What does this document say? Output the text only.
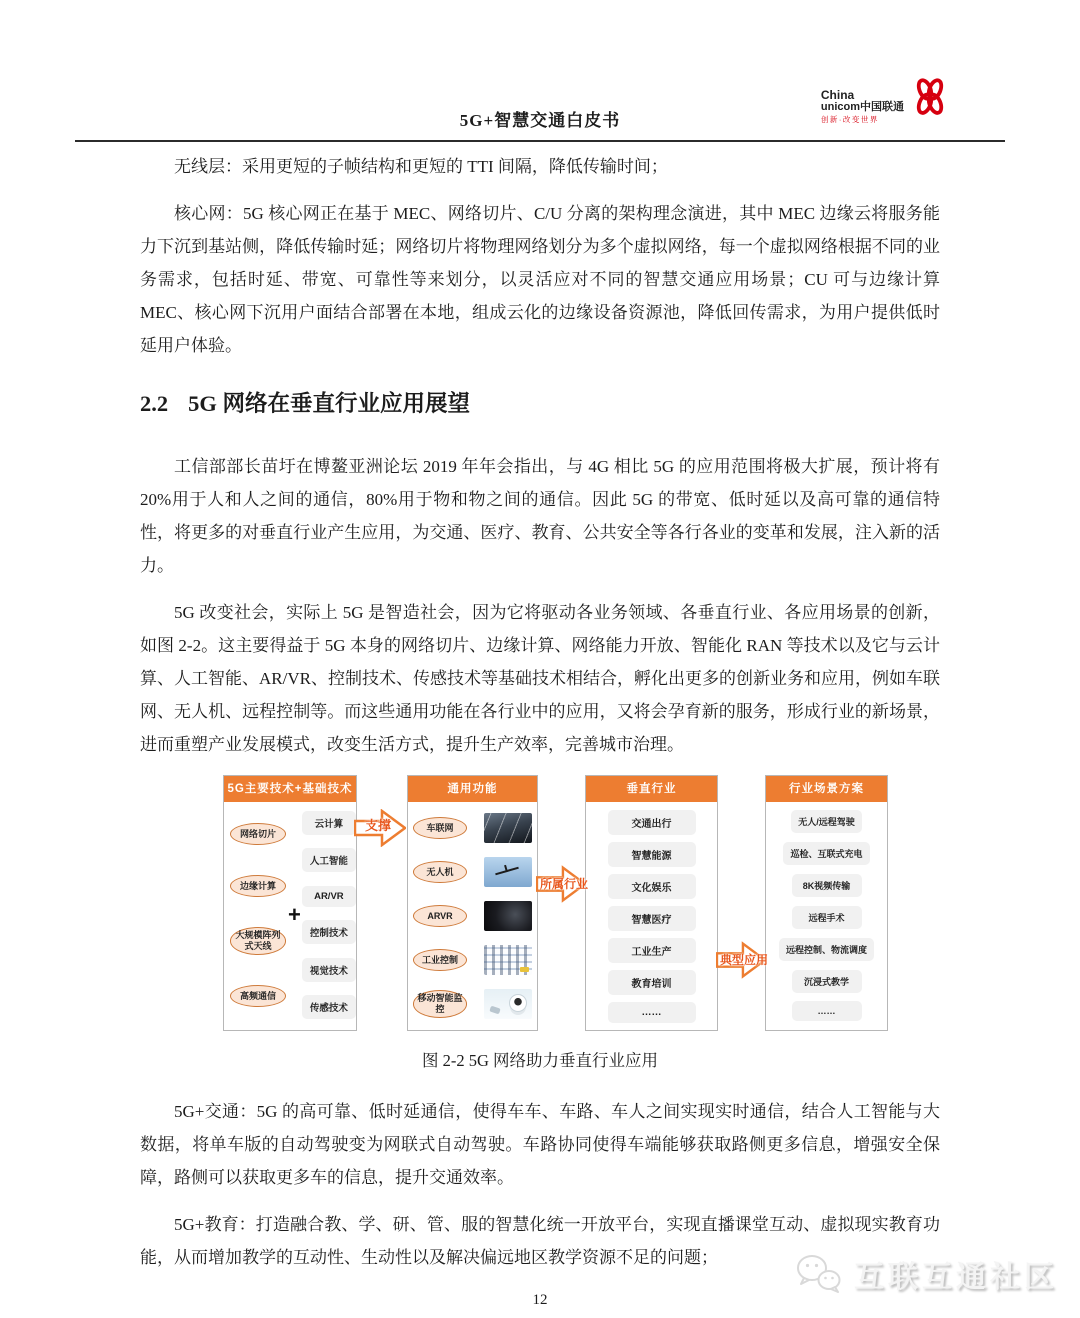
5G+智慧交通白皮书
China
unicom中国联通
创新·改变世界

无线层：采用更短的子帧结构和更短的 TTI 间隔，降低传输时间；

核心网：5G 核心网正在基于 MEC、网络切片、C/U 分离的架构理念演进，其中 MEC 边缘云将服务能力下沉到基站侧，降低传输时延；网络切片将物理网络划分为多个虚拟网络，每一个虚拟网络根据不同的业务需求，包括时延、带宽、可靠性等来划分，以灵活应对不同的智慧交通应用场景；CU 可与边缘计算 MEC、核心网下沉用户面结合部署在本地，组成云化的边缘设备资源池，降低回传需求，为用户提供低时延用户体验。

2.2 5G 网络在垂直行业应用展望

工信部部长苗圩在博鳌亚洲论坛 2019 年年会指出，与 4G 相比 5G 的应用范围将极大扩展，预计将有 20%用于人和人之间的通信，80%用于物和物之间的通信。因此 5G 的带宽、低时延以及高可靠的通信特性，将更多的对垂直行业产生应用，为交通、医疗、教育、公共安全等各行各业的变革和发展，注入新的活力。

5G 改变社会，实际上 5G 是智造社会，因为它将驱动各业务领域、各垂直行业、各应用场景的创新，如图 2-2。这主要得益于 5G 本身的网络切片、边缘计算、网络能力开放、智能化 RAN 等技术以及它与云计算、人工智能、AR/VR、控制技术、传感技术等基础技术相结合，孵化出更多的创新业务和应用，例如车联网、无人机、远程控制等。而这些通用功能在各行业中的应用，又将会孕育新的服务，形成行业的新场景，进而重塑产业发展模式，改变生活方式，提升生产效率，完善城市治理。

5G主要技术+基础技术
网络切片
边缘计算
大规模阵列式天线
高频通信
+
云计算
人工智能
AR/VR
控制技术
视觉技术
传感技术
支撑
通用功能
车联网
无人机
ARVR
工业控制
移动智能监控
所属行业
垂直行业
交通出行
智慧能源
文化娱乐
智慧医疗
工业生产
教育培训
……
典型应用
行业场景方案
无人/远程驾驶
巡检、互联式充电
8K视频传输
远程手术
远程控制、物流调度
沉浸式教学
……
图 2-2 5G 网络助力垂直行业应用

5G+交通：5G 的高可靠、低时延通信，使得车车、车路、车人之间实现实时通信，结合人工智能与大数据，将单车版的自动驾驶变为网联式自动驾驶。车路协同使得车端能够获取路侧更多信息，增强安全保障，路侧可以获取更多车的信息，提升交通效率。

5G+教育：打造融合教、学、研、管、服的智慧化统一开放平台，实现直播课堂互动、虚拟现实教育功能，从而增加教学的互动性、生动性以及解决偏远地区教学资源不足的问题；

12
互联互通社区
